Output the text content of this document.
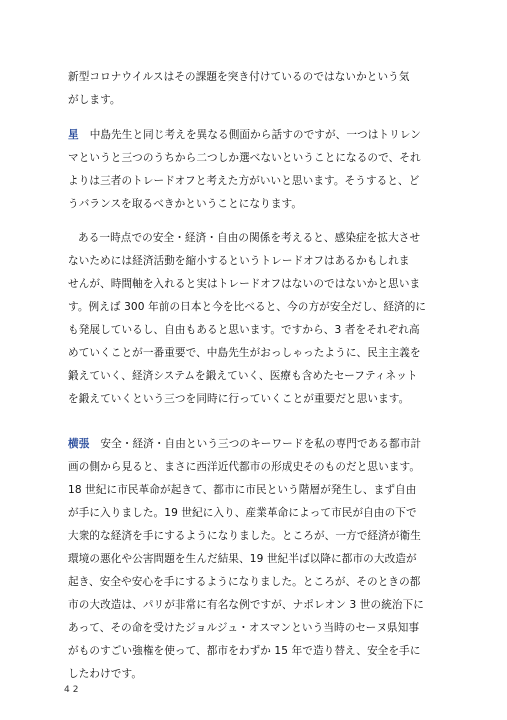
新型コロナウイルスはその課題を突き付けているのではないかという気
がします。
星 中島先生と同じ考えを異なる側面から話すのですが、一つはトリレン
マというと三つのうちから二つしか選べないということになるので、それ
よりは三者のトレードオフと考えた方がいいと思います。そうすると、ど
うバランスを取るべきかということになります。
ある一時点での安全・経済・自由の関係を考えると、感染症を拡大させ
ないためには経済活動を縮小するというトレードオフはあるかもしれま
せんが、時間軸を入れると実はトレードオフはないのではないかと思いま
す。例えば 300 年前の日本と今を比べると、今の方が安全だし、経済的に
も発展しているし、自由もあると思います。ですから、3 者をそれぞれ高
めていくことが一番重要で、中島先生がおっしゃったように、民主主義を
鍛えていく、経済システムを鍛えていく、医療も含めたセーフティネット
を鍛えていくという三つを同時に行っていくことが重要だと思います。
横張 安全・経済・自由という三つのキーワードを私の専門である都市計
画の側から見ると、まさに西洋近代都市の形成史そのものだと思います。
18 世紀に市民革命が起きて、都市に市民という階層が発生し、まず自由
が手に入りました。19 世紀に入り、産業革命によって市民が自由の下で
大衆的な経済を手にするようになりました。ところが、一方で経済が衛生
環境の悪化や公害問題を生んだ結果、19 世紀半ば以降に都市の大改造が
起き、安全や安心を手にするようになりました。ところが、そのときの都
市の大改造は、パリが非常に有名な例ですが、ナポレオン 3 世の統治下に
あって、その命を受けたジョルジュ・オスマンという当時のセーヌ県知事
がものすごい強権を使って、都市をわずか 15 年で造り替え、安全を手に
したわけです。
42
